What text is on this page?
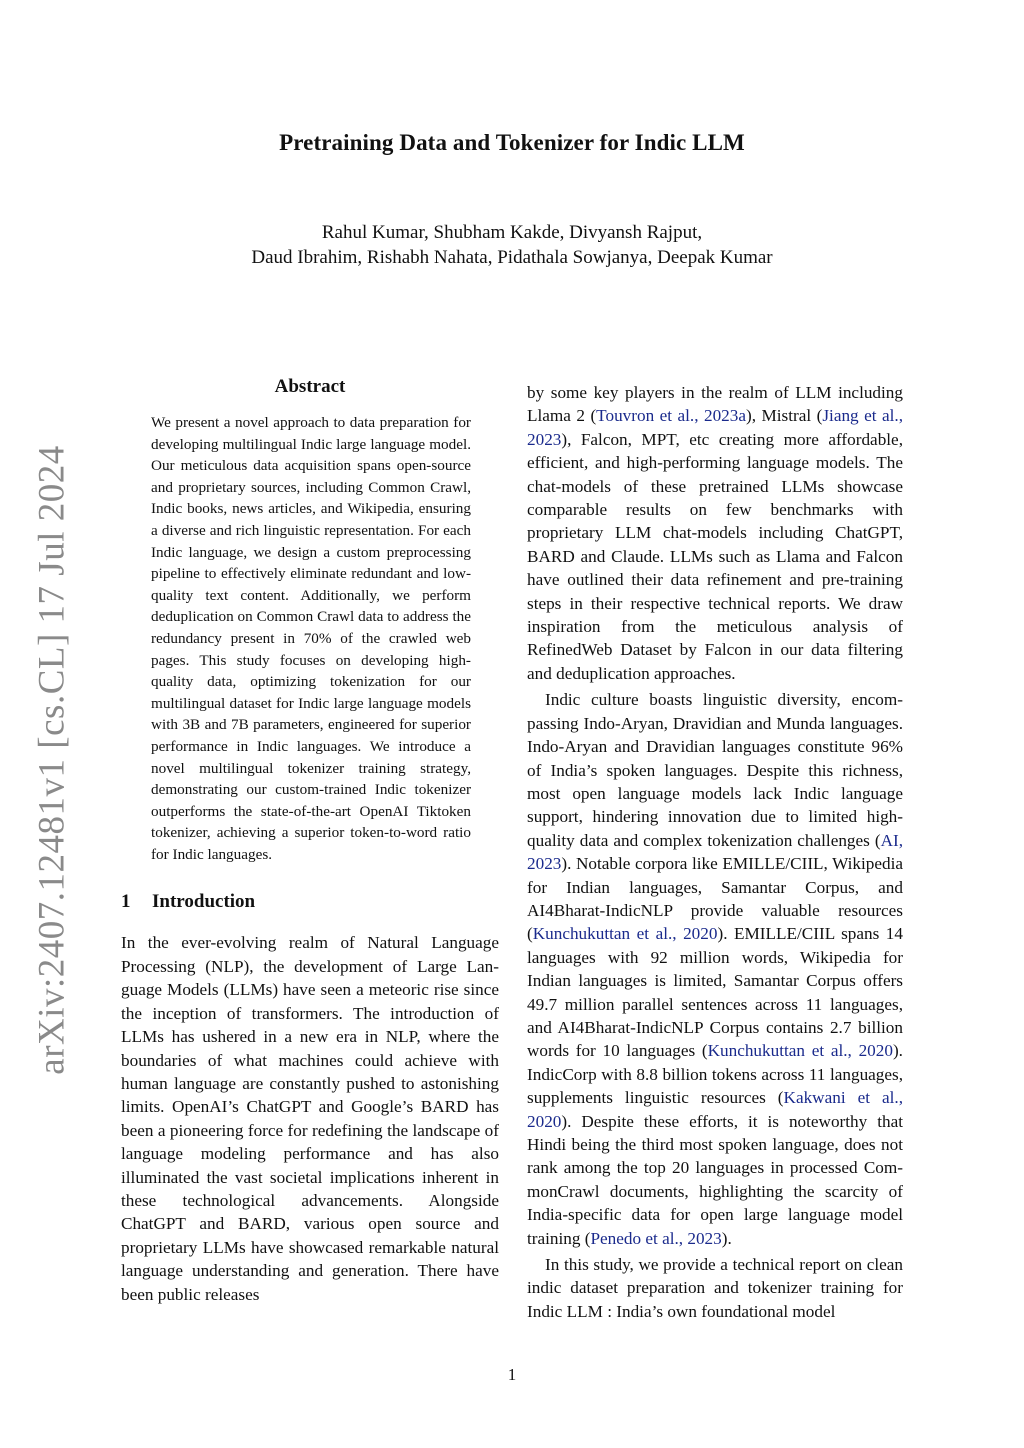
Pretraining Data and Tokenizer for Indic LLM
Rahul Kumar, Shubham Kakde, Divyansh Rajput,
Daud Ibrahim, Rishabh Nahata, Pidathala Sowjanya, Deepak Kumar
arXiv:2407.12481v1 [cs.CL] 17 Jul 2024
Abstract
We present a novel approach to data preparation for developing multilingual Indic large language model. Our meticulous data acquisition spans open-source and proprietary sources, including Common Crawl, Indic books, news articles, and Wikipedia, ensuring a diverse and rich linguistic representation. For each Indic language, we design a custom preprocessing pipeline to effectively eliminate redundant and low-quality text content. Additionally, we perform deduplication on Common Crawl data to address the redundancy present in 70% of the crawled web pages. This study focuses on developing high-quality data, optimizing tokenization for our multilingual dataset for Indic large language models with 3B and 7B parameters, engineered for superior performance in Indic languages. We introduce a novel multilingual tokenizer training strategy, demonstrating our custom-trained Indic tokenizer outperforms the state-of-the-art OpenAI Tiktoken tokenizer, achieving a superior token-to-word ratio for Indic languages.
1 Introduction

In the ever-evolving realm of Natural Language Processing (NLP), the development of Large Language Models (LLMs) have seen a meteoric rise since the inception of transformers. The introduction of LLMs has ushered in a new era in NLP, where the boundaries of what machines could achieve with human language are constantly pushed to astonishing limits. OpenAI’s ChatGPT and Google’s BARD has been a pioneering force for redefining the landscape of language modeling performance and has also illuminated the vast societal implications inherent in these technological advancements. Alongside ChatGPT and BARD, various open source and proprietary LLMs have showcased remarkable natural language understanding and generation. There have been public releases

by some key players in the realm of LLM including Llama 2 (Touvron et al., 2023a), Mistral (Jiang et al., 2023), Falcon, MPT, etc creating more affordable, efficient, and high-performing language models. The chat-models of these pretrained LLMs showcase comparable results on few benchmarks with proprietary LLM chat-models including ChatGPT, BARD and Claude. LLMs such as Llama and Falcon have outlined their data refinement and pre-training steps in their respective technical reports. We draw inspiration from the meticulous analysis of RefinedWeb Dataset by Falcon in our data filtering and deduplication approaches.

Indic culture boasts linguistic diversity, encompassing Indo-Aryan, Dravidian and Munda languages. Indo-Aryan and Dravidian languages constitute 96% of India’s spoken languages. Despite this richness, most open language models lack Indic language support, hindering innovation due to limited high-quality data and complex tokenization challenges (AI, 2023). Notable corpora like EMILLE/CIIL, Wikipedia for Indian languages, Samantar Corpus, and AI4Bharat-IndicNLP provide valuable resources (Kunchukuttan et al., 2020). EMILLE/CIIL spans 14 languages with 92 million words, Wikipedia for Indian languages is limited, Samantar Corpus offers 49.7 million parallel sentences across 11 languages, and AI4Bharat-IndicNLP Corpus contains 2.7 billion words for 10 languages (Kunchukuttan et al., 2020). IndicCorp with 8.8 billion tokens across 11 languages, supplements linguistic resources (Kakwani et al., 2020). Despite these efforts, it is noteworthy that Hindi being the third most spoken language, does not rank among the top 20 languages in processed CommonCrawl documents, highlighting the scarcity of India-specific data for open large language model training (Penedo et al., 2023).

In this study, we provide a technical report on clean indic dataset preparation and tokenizer training for Indic LLM : India’s own foundational model

1
